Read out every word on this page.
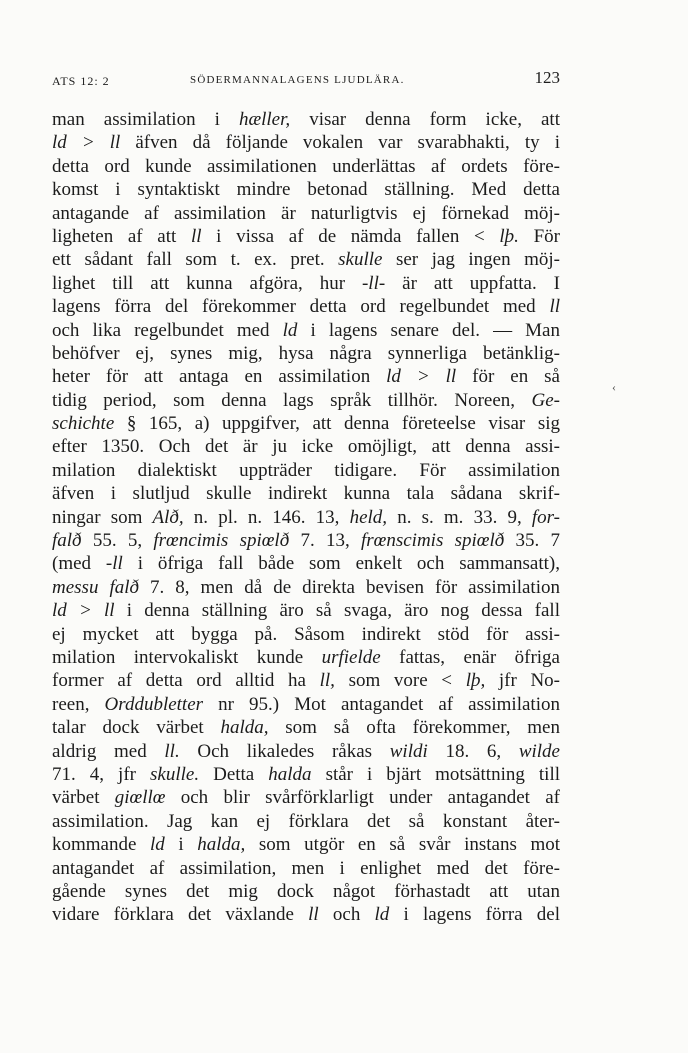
ATS 12: 2	SÖDERMANNALAGENS LJUDLÄRA.	123
‹
man assimilation i hæller, visar denna form icke, att
ld > ll äfven då följande vokalen var svarabhakti, ty i
detta ord kunde assimilationen underlättas af ordets före-
komst i syntaktiskt mindre betonad ställning. Med detta
antagande af assimilation är naturligtvis ej förnekad möj-
ligheten af att ll i vissa af de nämda fallen < lþ. För
ett sådant fall som t. ex. pret. skulle ser jag ingen möj-
lighet till att kunna afgöra, hur -ll- är att uppfatta. I
lagens förra del förekommer detta ord regelbundet med ll
och lika regelbundet med ld i lagens senare del. — Man
behöfver ej, synes mig, hysa några synnerliga betänklig-
heter för att antaga en assimilation ld > ll för en så
tidig period, som denna lags språk tillhör. Noreen, Ge-
schichte § 165, a) uppgifver, att denna företeelse visar sig
efter 1350. Och det är ju icke omöjligt, att denna assi-
milation dialektiskt uppträder tidigare. För assimilation
äfven i slutljud skulle indirekt kunna tala sådana skrif-
ningar som Alð, n. pl. n. 146. 13, held, n. s. m. 33. 9, for-
falð 55. 5, frœncimis spiœlð 7. 13, frœnscimis spiœlð 35. 7
(med -ll i öfriga fall både som enkelt och sammansatt),
messu falð 7. 8, men då de direkta bevisen för assimilation
ld > ll i denna ställning äro så svaga, äro nog dessa fall
ej mycket att bygga på. Såsom indirekt stöd för assi-
milation intervokaliskt kunde urfielde fattas, enär öfriga
former af detta ord alltid ha ll, som vore < lþ, jfr No-
reen, Orddubletter nr 95.) Mot antagandet af assimilation
talar dock värbet halda, som så ofta förekommer, men
aldrig med ll. Och likaledes råkas wildi 18. 6, wilde
71. 4, jfr skulle. Detta halda står i bjärt motsättning till
värbet giœllœ och blir svårförklarligt under antagandet af
assimilation. Jag kan ej förklara det så konstant åter-
kommande ld i halda, som utgör en så svår instans mot
antagandet af assimilation, men i enlighet med det före-
gående synes det mig dock något förhastadt att utan
vidare förklara det växlande ll och ld i lagens förra del
